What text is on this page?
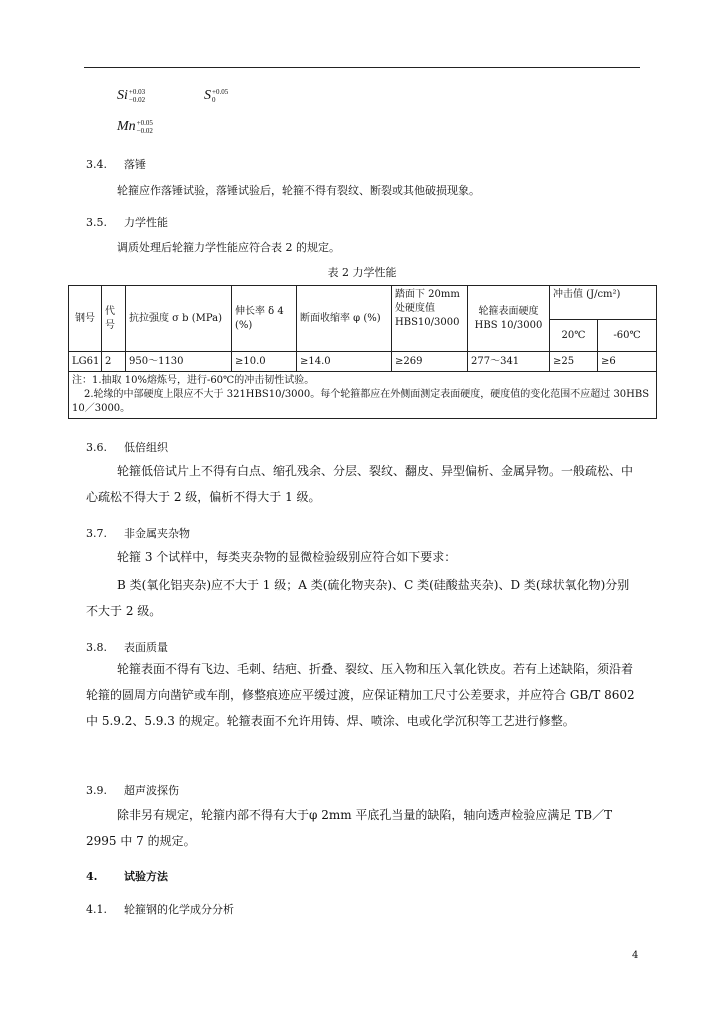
Si+0.03
−0.02	S+0.05
0
Mn+0.05
−0.02
3.4. 落锤
轮箍应作落锤试验，落锤试验后，轮箍不得有裂纹、断裂或其他破损现象。
3.5. 力学性能
调质处理后轮箍力学性能应符合表 2 的规定。
表 2 力学性能
钢号	代号	抗拉强度 σ b (MPa)	伸长率 δ 4 (%)	断面收缩率 φ (%)	踏面下 20mm 处硬度值 HBS10/3000	轮箍表面硬度
HBS 10/3000	冲击值 (J/cm²)	
							20℃	-60℃
LG61	2	950～1130	≥10.0	≥14.0	≥269	277～341	≥25	≥6

注：1.抽取 10%熔炼号，进行-60℃的冲击韧性试验。
2.轮缘的中部硬度上限应不大于 321HBS10/3000。每个轮箍都应在外侧面测定表面硬度，硬度值的变化范围不应超过 30HBS 10／3000。								
3.6. 低倍组织
轮箍低倍试片上不得有白点、缩孔残余、分层、裂纹、翻皮、异型偏析、金属异物。一般疏松、中心疏松不得大于 2 级，偏析不得大于 1 级。
3.7. 非金属夹杂物
轮箍 3 个试样中，每类夹杂物的显微检验级别应符合如下要求：
B 类(氧化铝夹杂)应不大于 1 级；A 类(硫化物夹杂)、C 类(硅酸盐夹杂)、D 类(球状氧化物)分别不大于 2 级。
3.8. 表面质量
轮箍表面不得有飞边、毛刺、结疤、折叠、裂纹、压入物和压入氧化铁皮。若有上述缺陷，须沿着轮箍的圆周方向凿铲或车削，修整痕迹应平缓过渡，应保证精加工尺寸公差要求，并应符合 GB/T 8602 中 5.9.2、5.9.3 的规定。轮箍表面不允许用铸、焊、喷涂、电或化学沉积等工艺进行修整。
3.9. 超声波探伤
除非另有规定，轮箍内部不得有大于φ 2mm 平底孔当量的缺陷，轴向透声检验应满足 TB／T 2995 中 7 的规定。
4. 试验方法
4.1. 轮箍钢的化学成分分析
4
